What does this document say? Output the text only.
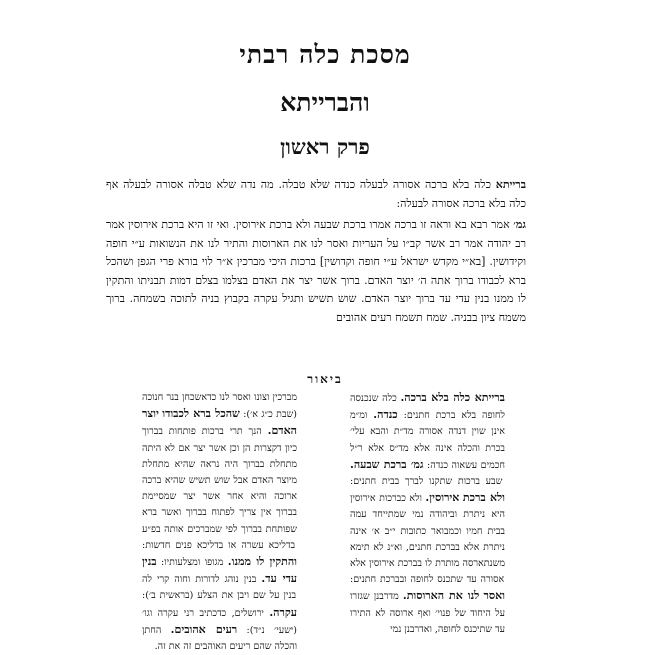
מסכת כלה רבתי
והברייתא
פרק ראשון

ברייתא כלה בלא ברכה אסורה לבעלה כנדה שלא טבלה. מה נדה שלא טבלה אסורה לבעלה אף כלה בלא ברכה אסורה לבעלה:

גמ׳ אמר רבא בא וראה זו ברכה אמרו ברכת שבעה ולא ברכת אירוסין. ואי זו היא ברכת אירוסין אמר רב יהודה אמר רב אשר קב״ו על העריות ואסר לנו את הארוסות והתיר לנו את הנשואות ע״י חופה וקידושין. [בא״י מקדש ישראל ע״י חופה וקדושין] ברכות היכי מברכין א״ר לוי בורא פרי הגפן ושהכל ברא לכבודו ברוך אתה ה׳ יוצר האדם. ברוך אשר יצר את האדם בצלמו בצלם דמות תבניתו והתקין לו ממנו בנין עדי עד ברוך יוצר האדם. שוש תשיש ותגיל עקרה בקבוץ בניה לתוכה בשמחה. ברוך משמח ציון בבניה. שמח תשמח רעים אהובים

ביאור
ברייתא כלה בלא ברכה. כלה שנכנסה לחופה בלא ברכת חתנים: כנדה. ומ״מ אינן שוין דנדה אסורה מד״ת והבא עלי׳ בכרת והכלה אינה אלא מד״ס אלא ר״ל חכמים עשאוה כנדה: גמ׳ ברכת שבעה. שבע ברכות שתקנו לברך בבית חתנים: ולא ברכת אירוסין. ולא כברכות אירוסין היא ניתרת וביהודה נמי שמתייחד עמה בבית חמיו וכמבואר כתובות י״ב א׳ אינה ניתרת אלא בברכת חתנים, וא״נ לא תימא משנתארסה מותרת לו בברכת אירוסין אלא אסורה עד שתכנס לחופה ובברכת חתנים: ואסר לנו את הארוסות. מדרבנן שגזרו על היחוד של פנוי׳ ואף ארוסה לא התירו עד שתיכנס לחופה, ואדרבנן נמי
מברכין וצונו ואסר לנו כדאשכחן בנר חנוכה (שבת כ״ג א׳): שהכל ברא לכבודו יוצר האדם. הנך תרי ברכות פותחות בברוך כיון דקצרות הן וכן אשר יצר אם לא היתה מתחלת בברוך היה נראה שהיא מתחלת מיוצר האדם אבל שוש תשיש שהיא ברכה ארוכה והיא אחר אשר יצר שמסיימת בברוך אין צריך לפתוח בברוך ואשר ברא שפותחת בברוך לפי שמברכים אותה בפ״ע בדליכא עשרה או בדליכא פנים חדשות: והתקין לו ממנו. מגופו ומצלעותיו: בנין עדי עד. בנין נוהג לדורות וחוה קרי לה בנין על שם ויבן את הצלע (בראשית ב׳): עקרה. ירושלים, כדכתיב רני עקרה וגו׳ (ישעי׳ נ״ד): רעים אהובים. החתן והכלה שהם ריעים האוהבים זה את זה.
